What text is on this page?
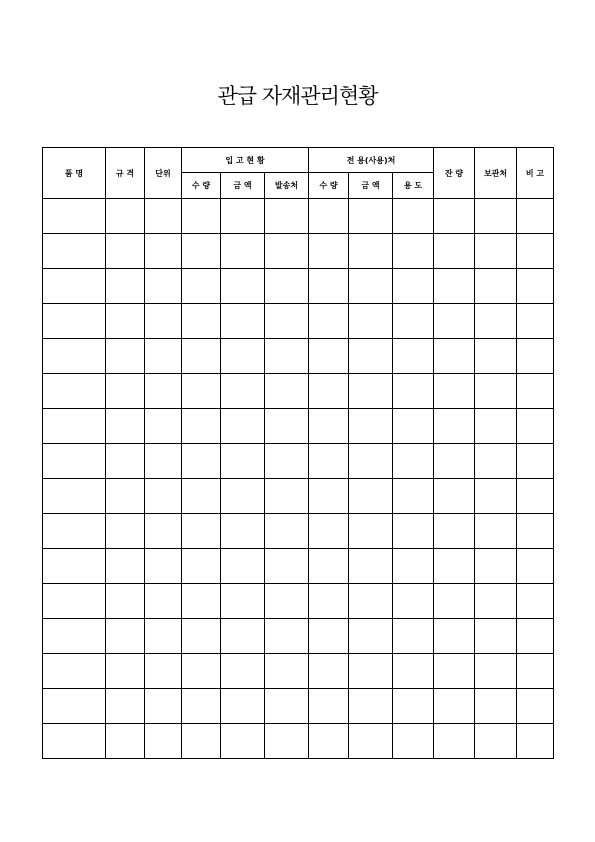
관급 자재관리현황
품 명	규 격	단위	입 고 현 황			전 용(사용)처			잔 량	보관처	비 고
			수 량	금 액	발송처	수 량	금 액	용 도			
